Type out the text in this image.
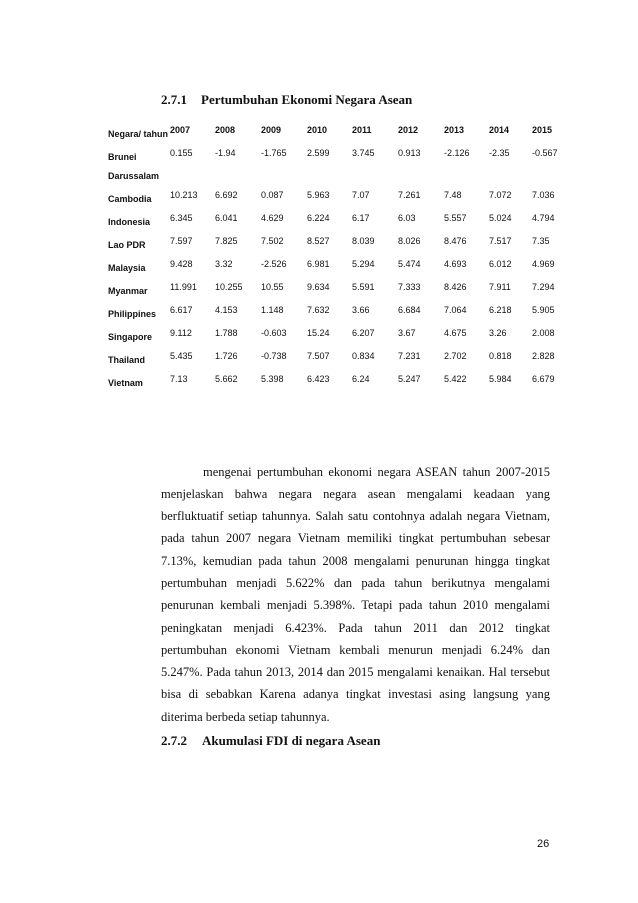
2.7.1 Pertumbuhan Ekonomi Negara Asean
Negara/ tahun	2007	2008	2009	2010	2011	2012	2013	2014	2015
Brunei Darussalam	0.155	-1.94	-1.765	2.599	3.745	0.913	-2.126	-2.35	-0.567
Cambodia	10.213	6.692	0.087	5.963	7.07	7.261	7.48	7.072	7.036
Indonesia	6.345	6.041	4.629	6.224	6.17	6.03	5.557	5.024	4.794
Lao PDR	7.597	7.825	7.502	8.527	8.039	8.026	8.476	7.517	7.35
Malaysia	9.428	3.32	-2.526	6.981	5.294	5.474	4.693	6.012	4.969
Myanmar	11.991	10.255	10.55	9.634	5.591	7.333	8.426	7.911	7.294
Philippines	6.617	4.153	1.148	7.632	3.66	6.684	7.064	6.218	5.905
Singapore	9.112	1.788	-0.603	15.24	6.207	3.67	4.675	3.26	2.008
Thailand	5.435	1.726	-0.738	7.507	0.834	7.231	2.702	0.818	2.828
Vietnam	7.13	5.662	5.398	6.423	6.24	5.247	5.422	5.984	6.679

mengenai pertumbuhan ekonomi negara ASEAN tahun 2007-2015 menjelaskan bahwa negara negara asean mengalami keadaan yang berfluktuatif setiap tahunnya. Salah satu contohnya adalah negara Vietnam, pada tahun 2007 negara Vietnam memiliki tingkat pertumbuhan sebesar 7.13%, kemudian pada tahun 2008 mengalami penurunan hingga tingkat pertumbuhan menjadi 5.622% dan pada tahun berikutnya mengalami penurunan kembali menjadi 5.398%. Tetapi pada tahun 2010 mengalami peningkatan menjadi 6.423%. Pada tahun 2011 dan 2012 tingkat pertumbuhan ekonomi Vietnam kembali menurun menjadi 6.24% dan 5.247%. Pada tahun 2013, 2014 dan 2015 mengalami kenaikan. Hal tersebut bisa di sebabkan Karena adanya tingkat investasi asing langsung yang diterima berbeda setiap tahunnya.

2.7.2 Akumulasi FDI di negara Asean
26
